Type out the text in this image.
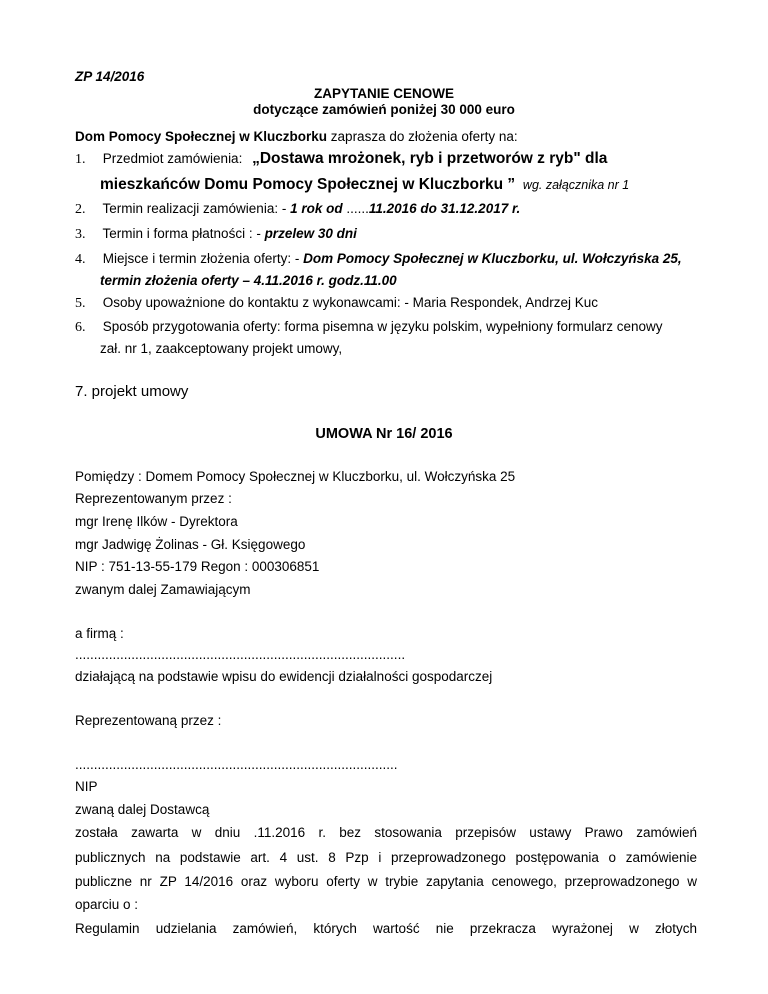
ZP 14/2016
ZAPYTANIE CENOWE
dotyczące zamówień poniżej 30 000 euro
Dom Pomocy Społecznej w Kluczborku zaprasza do złożenia oferty na:
1. Przedmiot zamówienia: „Dostawa mrożonek, ryb i przetworów z ryb" dla
mieszkańców Domu Pomocy Społecznej w Kluczborku ” wg. załącznika nr 1
2. Termin realizacji zamówienia: - 1 rok od ......11.2016 do 31.12.2017 r.
3. Termin i forma płatności : - przelew 30 dni
4. Miejsce i termin złożenia oferty: - Dom Pomocy Społecznej w Kluczborku, ul. Wołczyńska 25,
termin złożenia oferty – 4.11.2016 r. godz.11.00
5. Osoby upoważnione do kontaktu z wykonawcami: - Maria Respondek, Andrzej Kuc
6. Sposób przygotowania oferty: forma pisemna w języku polskim, wypełniony formularz cenowy
zał. nr 1, zaakceptowany projekt umowy,
7. projekt umowy
UMOWA Nr 16/ 2016
Pomiędzy : Domem Pomocy Społecznej w Kluczborku, ul. Wołczyńska 25
Reprezentowanym przez :
mgr Irenę Ilków - Dyrektora
mgr Jadwigę Żolinas - Gł. Księgowego
NIP : 751-13-55-179 Regon : 000306851
zwanym dalej Zamawiającym
a firmą :
........................................................................................
działającą na podstawie wpisu do ewidencji działalności gospodarczej
Reprezentowaną przez :
......................................................................................
NIP
zwaną dalej Dostawcą
została zawarta w dniu .11.2016 r. bez stosowania przepisów ustawy Prawo zamówień
publicznych na podstawie art. 4 ust. 8 Pzp i przeprowadzonego postępowania o zamówienie
publiczne nr ZP 14/2016 oraz wyboru oferty w trybie zapytania cenowego, przeprowadzonego w
oparciu o :
Regulamin udzielania zamówień, których wartość nie przekracza wyrażonej w złotych
